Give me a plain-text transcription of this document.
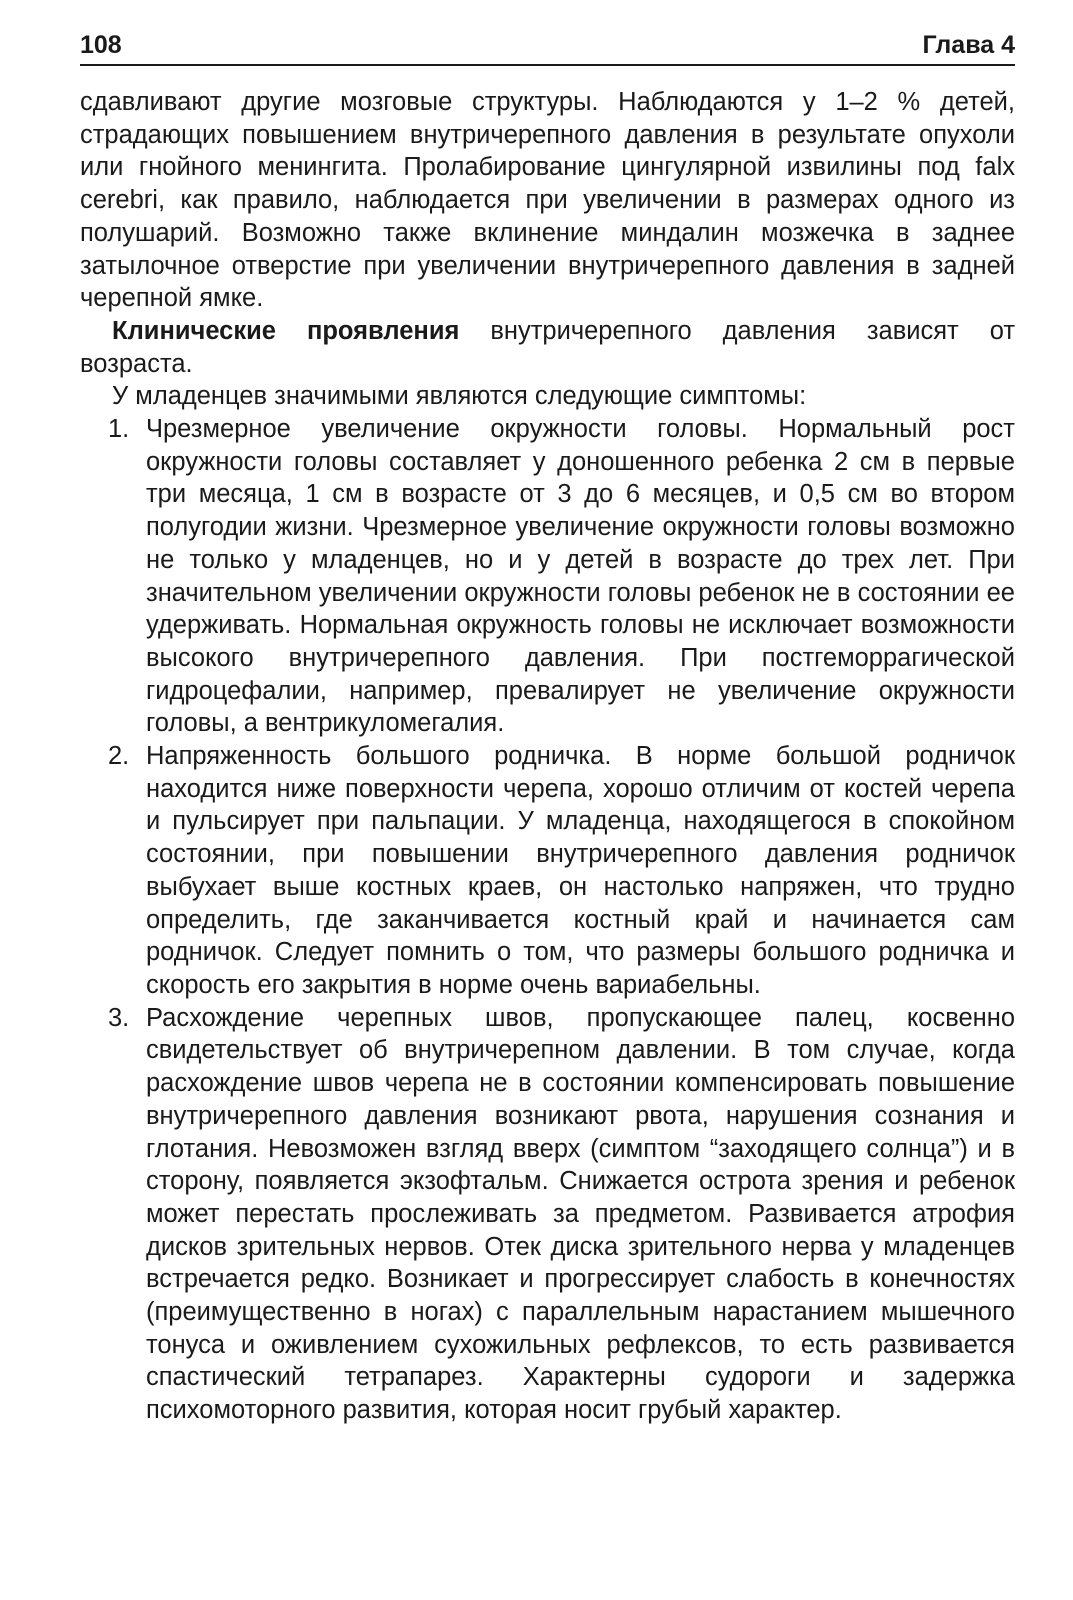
108	Глава 4

сдавливают другие мозговые структуры. Наблюдаются у 1–2 % детей, страдающих повышением внутричерепного давления в результате опухоли или гнойного менингита. Пролабирование цингулярной извилины под falx cerebri, как правило, наблюдается при увеличении в размерах одного из полушарий. Возможно также вклинение миндалин мозжечка в заднее затылочное отверстие при увеличении внутричерепного давления в задней черепной ямке.

Клинические проявления внутричерепного давления зависят от возраста.

У младенцев значимыми являются следующие симптомы:

1. Чрезмерное увеличение окружности головы. Нормальный рост окружности головы составляет у доношенного ребенка 2 см в первые три месяца, 1 см в возрасте от 3 до 6 месяцев, и 0,5 см во втором полугодии жизни. Чрезмерное увеличение окружности головы возможно не только у младенцев, но и у детей в возрасте до трех лет. При значительном увеличении окружности головы ребенок не в состоянии ее удерживать. Нормальная окружность головы не исключает возможности высокого внутричерепного давления. При постгеморрагической гидроцефалии, например, превалирует не увеличение окружности головы, а вентрикуломегалия.
2. Напряженность большого родничка. В норме большой родничок находится ниже поверхности черепа, хорошо отличим от костей черепа и пульсирует при пальпации. У младенца, находящегося в спокойном состоянии, при повышении внутричерепного давления родничок выбухает выше костных краев, он настолько напряжен, что трудно определить, где заканчивается костный край и начинается сам родничок. Следует помнить о том, что размеры большого родничка и скорость его закрытия в норме очень вариабельны.
3. Расхождение черепных швов, пропускающее палец, косвенно свидетельствует об внутричерепном давлении. В том случае, когда расхождение швов черепа не в состоянии компенсировать повышение внутричерепного давления возникают рвота, нарушения сознания и глотания. Невозможен взгляд вверх (симптом “заходящего солнца”) и в сторону, появляется экзофтальм. Снижается острота зрения и ребенок может перестать прослеживать за предметом. Развивается атрофия дисков зрительных нервов. Отек диска зрительного нерва у младенцев встречается редко. Возникает и прогрессирует слабость в конечностях (преимущественно в ногах) с параллельным нарастанием мышечного тонуса и оживлением сухожильных рефлексов, то есть развивается спастический тетрапарез. Характерны судороги и задержка психомоторного развития, которая носит грубый характер.
